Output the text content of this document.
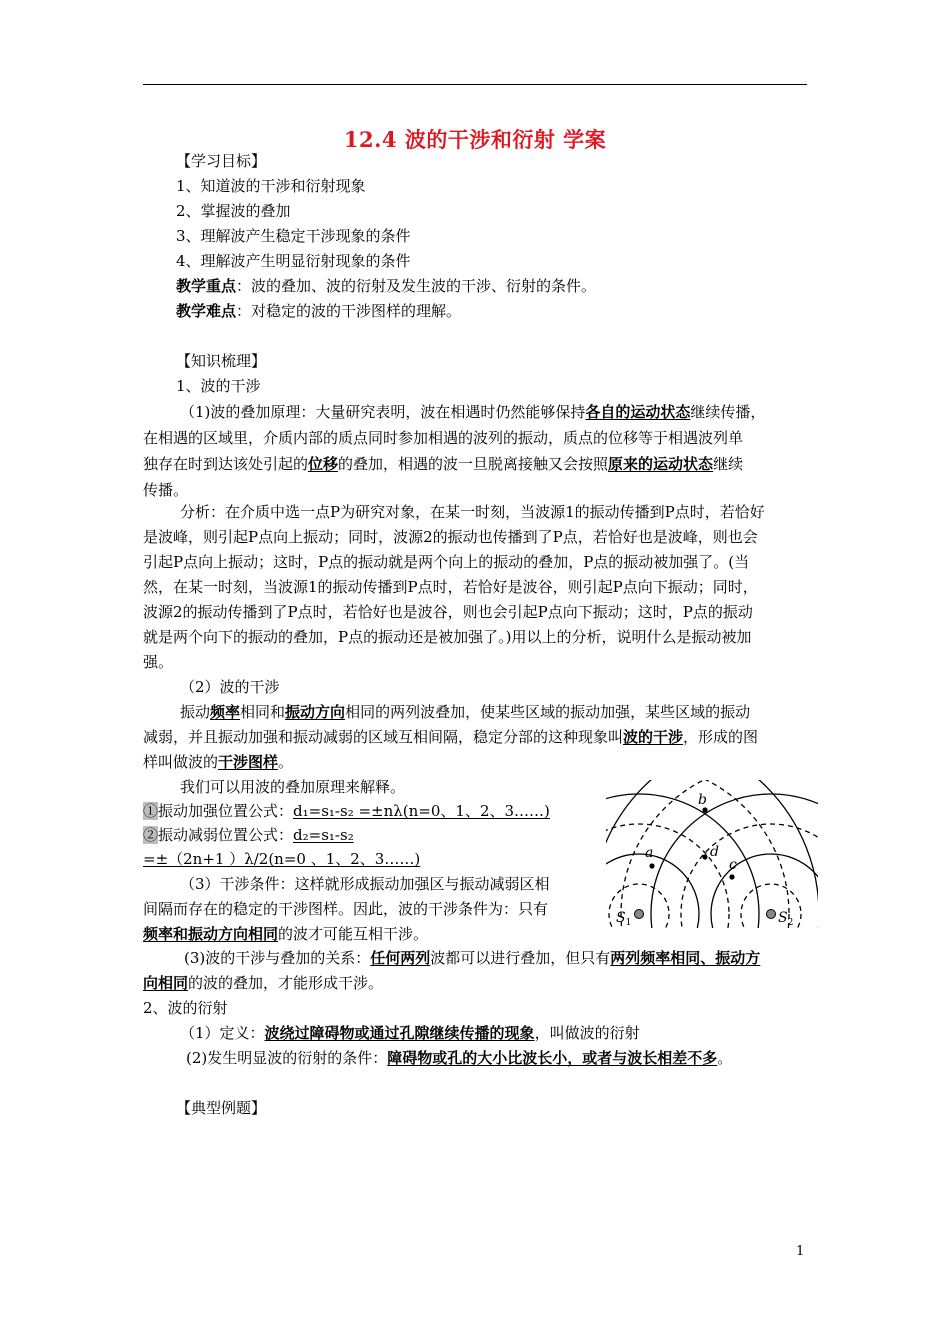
12.4 波的干涉和衍射 学案
【学习目标】
1、知道波的干涉和衍射现象
2、掌握波的叠加
3、理解波产生稳定干涉现象的条件
4、理解波产生明显衍射现象的条件
教学重点：波的叠加、波的衍射及发生波的干涉、衍射的条件。
教学难点：对稳定的波的干涉图样的理解。
【知识梳理】
1、波的干涉
（1)波的叠加原理：大量研究表明，波在相遇时仍然能够保持各自的运动状态继续传播，
在相遇的区域里，介质内部的质点同时参加相遇的波列的振动，质点的位移等于相遇波列单
独存在时到达该处引起的位移的叠加，相遇的波一旦脱离接触又会按照原来的运动状态继续
传播。
分析：在介质中选一点P为研究对象，在某一时刻，当波源1的振动传播到P点时，若恰好
是波峰，则引起P点向上振动；同时，波源2的振动也传播到了P点，若恰好也是波峰，则也会
引起P点向上振动；这时，P点的振动就是两个向上的振动的叠加，P点的振动被加强了。(当
然，在某一时刻，当波源1的振动传播到P点时，若恰好是波谷，则引起P点向下振动；同时，
波源2的振动传播到了P点时，若恰好也是波谷，则也会引起P点向下振动；这时，P点的振动
就是两个向下的振动的叠加，P点的振动还是被加强了。)用以上的分析，说明什么是振动被加
强。
（2）波的干涉
振动频率相同和振动方向相同的两列波叠加，使某些区域的振动加强，某些区域的振动
减弱，并且振动加强和振动减弱的区域互相间隔，稳定分部的这种现象叫波的干涉，形成的图
样叫做波的干涉图样。
我们可以用波的叠加原理来解释。
①振动加强位置公式：d₁=s₁-s₂ =±nλ(n=0、1、2、3……)
②振动减弱位置公式：d₂=s₁-s₂
=±（2n+1 ）λ/2(n=0 、1、2、3……)
（3）干涉条件：这样就形成振动加强区与振动减弱区相
间隔而存在的稳定的干涉图样。因此，波的干涉条件为：只有
频率和振动方向相同的波才可能互相干涉。
(3)波的干涉与叠加的关系：任何两列波都可以进行叠加，但只有两列频率相同、振动方
向相同的波的叠加，才能形成干涉。
2、波的衍射
（1）定义：波绕过障碍物或通过孔隙继续传播的现象，叫做波的衍射
(2)发生明显波的衍射的条件：障碍物或孔的大小比波长小，或者与波长相差不多。
【典型例题】
b
a	d
c
$S_1$	$S_2$
1
